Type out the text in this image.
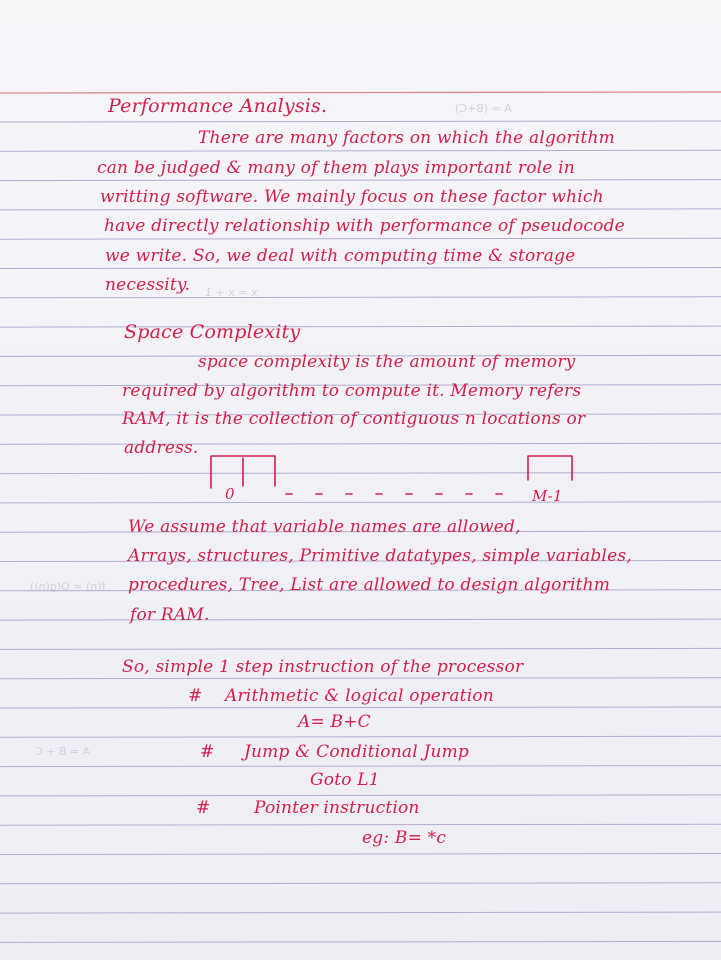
A = (B+C)

x = x + 1

f(n) = O(g(n))

A = B + C

Performance Analysis.

There are many factors on which the algorithm

can be judged & many of them plays important role in

writting software. We mainly focus on these factor which

have directly relationship with performance of pseudocode

we write. So, we deal with computing time & storage

necessity.

Space Complexity

space complexity is the amount of memory

required by algorithm to compute it. Memory refers

RAM, it is the collection of contiguous n locations or

address.

0	M-1

We assume that variable names are allowed,

Arrays, structures, Primitive datatypes, simple variables,

procedures, Tree, List are allowed to design algorithm

for RAM.

So, simple 1 step instruction of the processor

# Arithmetic & logical operation

A= B+C

# Jump & Conditional Jump

Goto L1

#	Pointer instruction

eg: B= *c
